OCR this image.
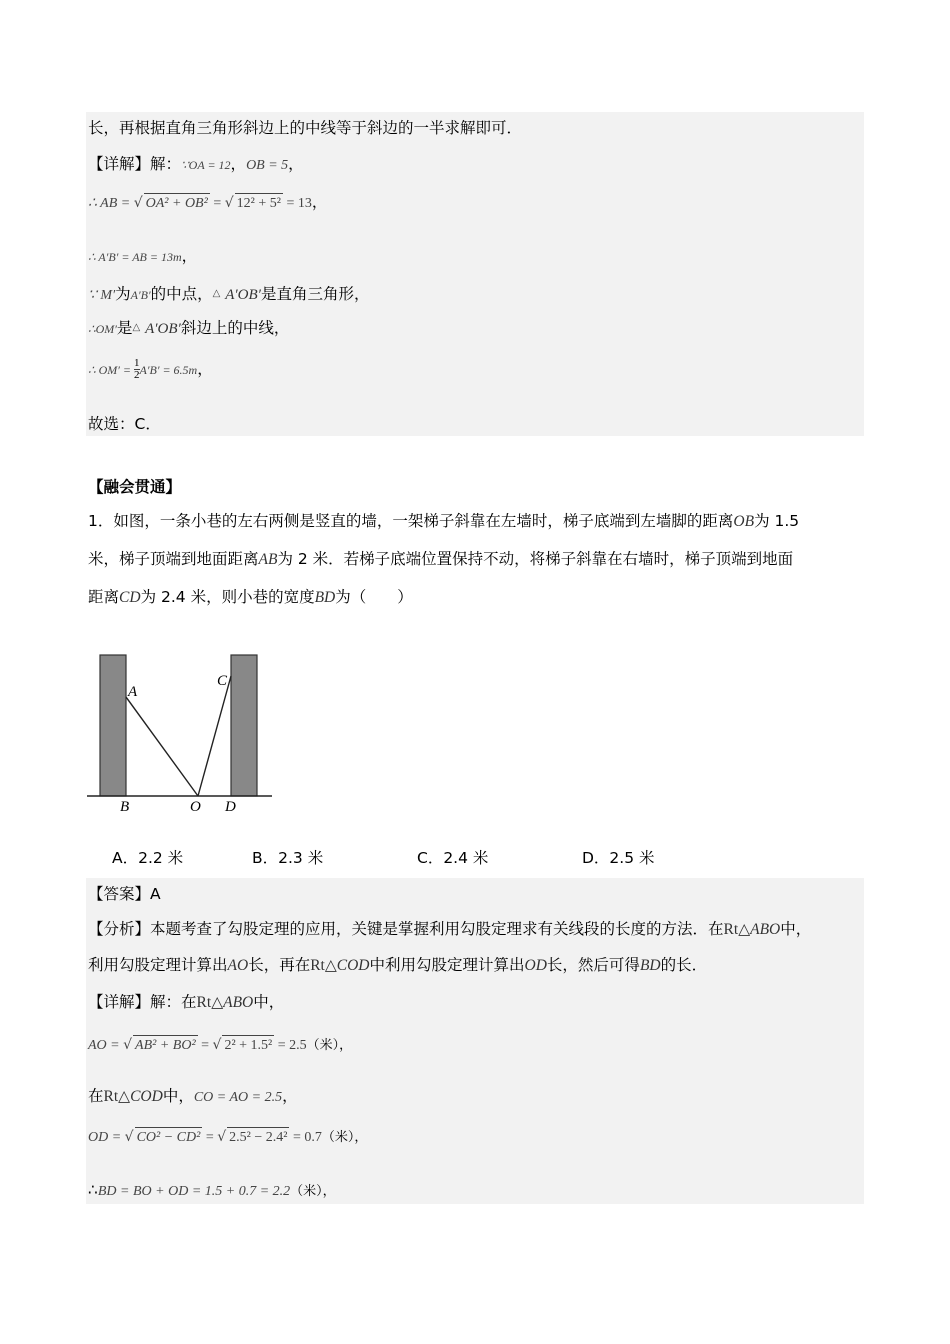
长，再根据直角三角形斜边上的中线等于斜边的一半求解即可．
【详解】解：∵OA = 12，OB = 5，
∴ AB = √ OA² + OB² = √ 12² + 5² = 13，
∴ A′B′ = AB = 13m，
∵ M′为A′B′的中点，△ A′OB′是直角三角形，
∴OM′是△ A′OB′斜边上的中线，
∴ $OM' = \frac{1}{2} A'B' = 6.5m$，
故选：C．
【融会贯通】
1．如图，一条小巷的左右两侧是竖直的墙，一架梯子斜靠在左墙时，梯子底端到左墙脚的距离OB为 1.5
米，梯子顶端到地面距离AB为 2 米．若梯子底端位置保持不动，将梯子斜靠在右墙时，梯子顶端到地面
距离CD为 2.4 米，则小巷的宽度BD为（　　）
A
C
B	O D
A．2.2 米	B．2.3 米	C．2.4 米	D．2.5 米
【答案】A
【分析】本题考查了勾股定理的应用，关键是掌握利用勾股定理求有关线段的长度的方法．在Rt△ABO中，
利用勾股定理计算出AO长，再在Rt△COD中利用勾股定理计算出OD长，然后可得BD的长．
【详解】解：在Rt△ABO中，
AO = √ AB² + BO² = √ 2² + 1.5² = 2.5（米），
在Rt△COD中，CO = AO = 2.5，
OD = √ CO² − CD² = √ 2.5² − 2.4² = 0.7（米），
∴BD = BO + OD = 1.5 + 0.7 = 2.2（米），
